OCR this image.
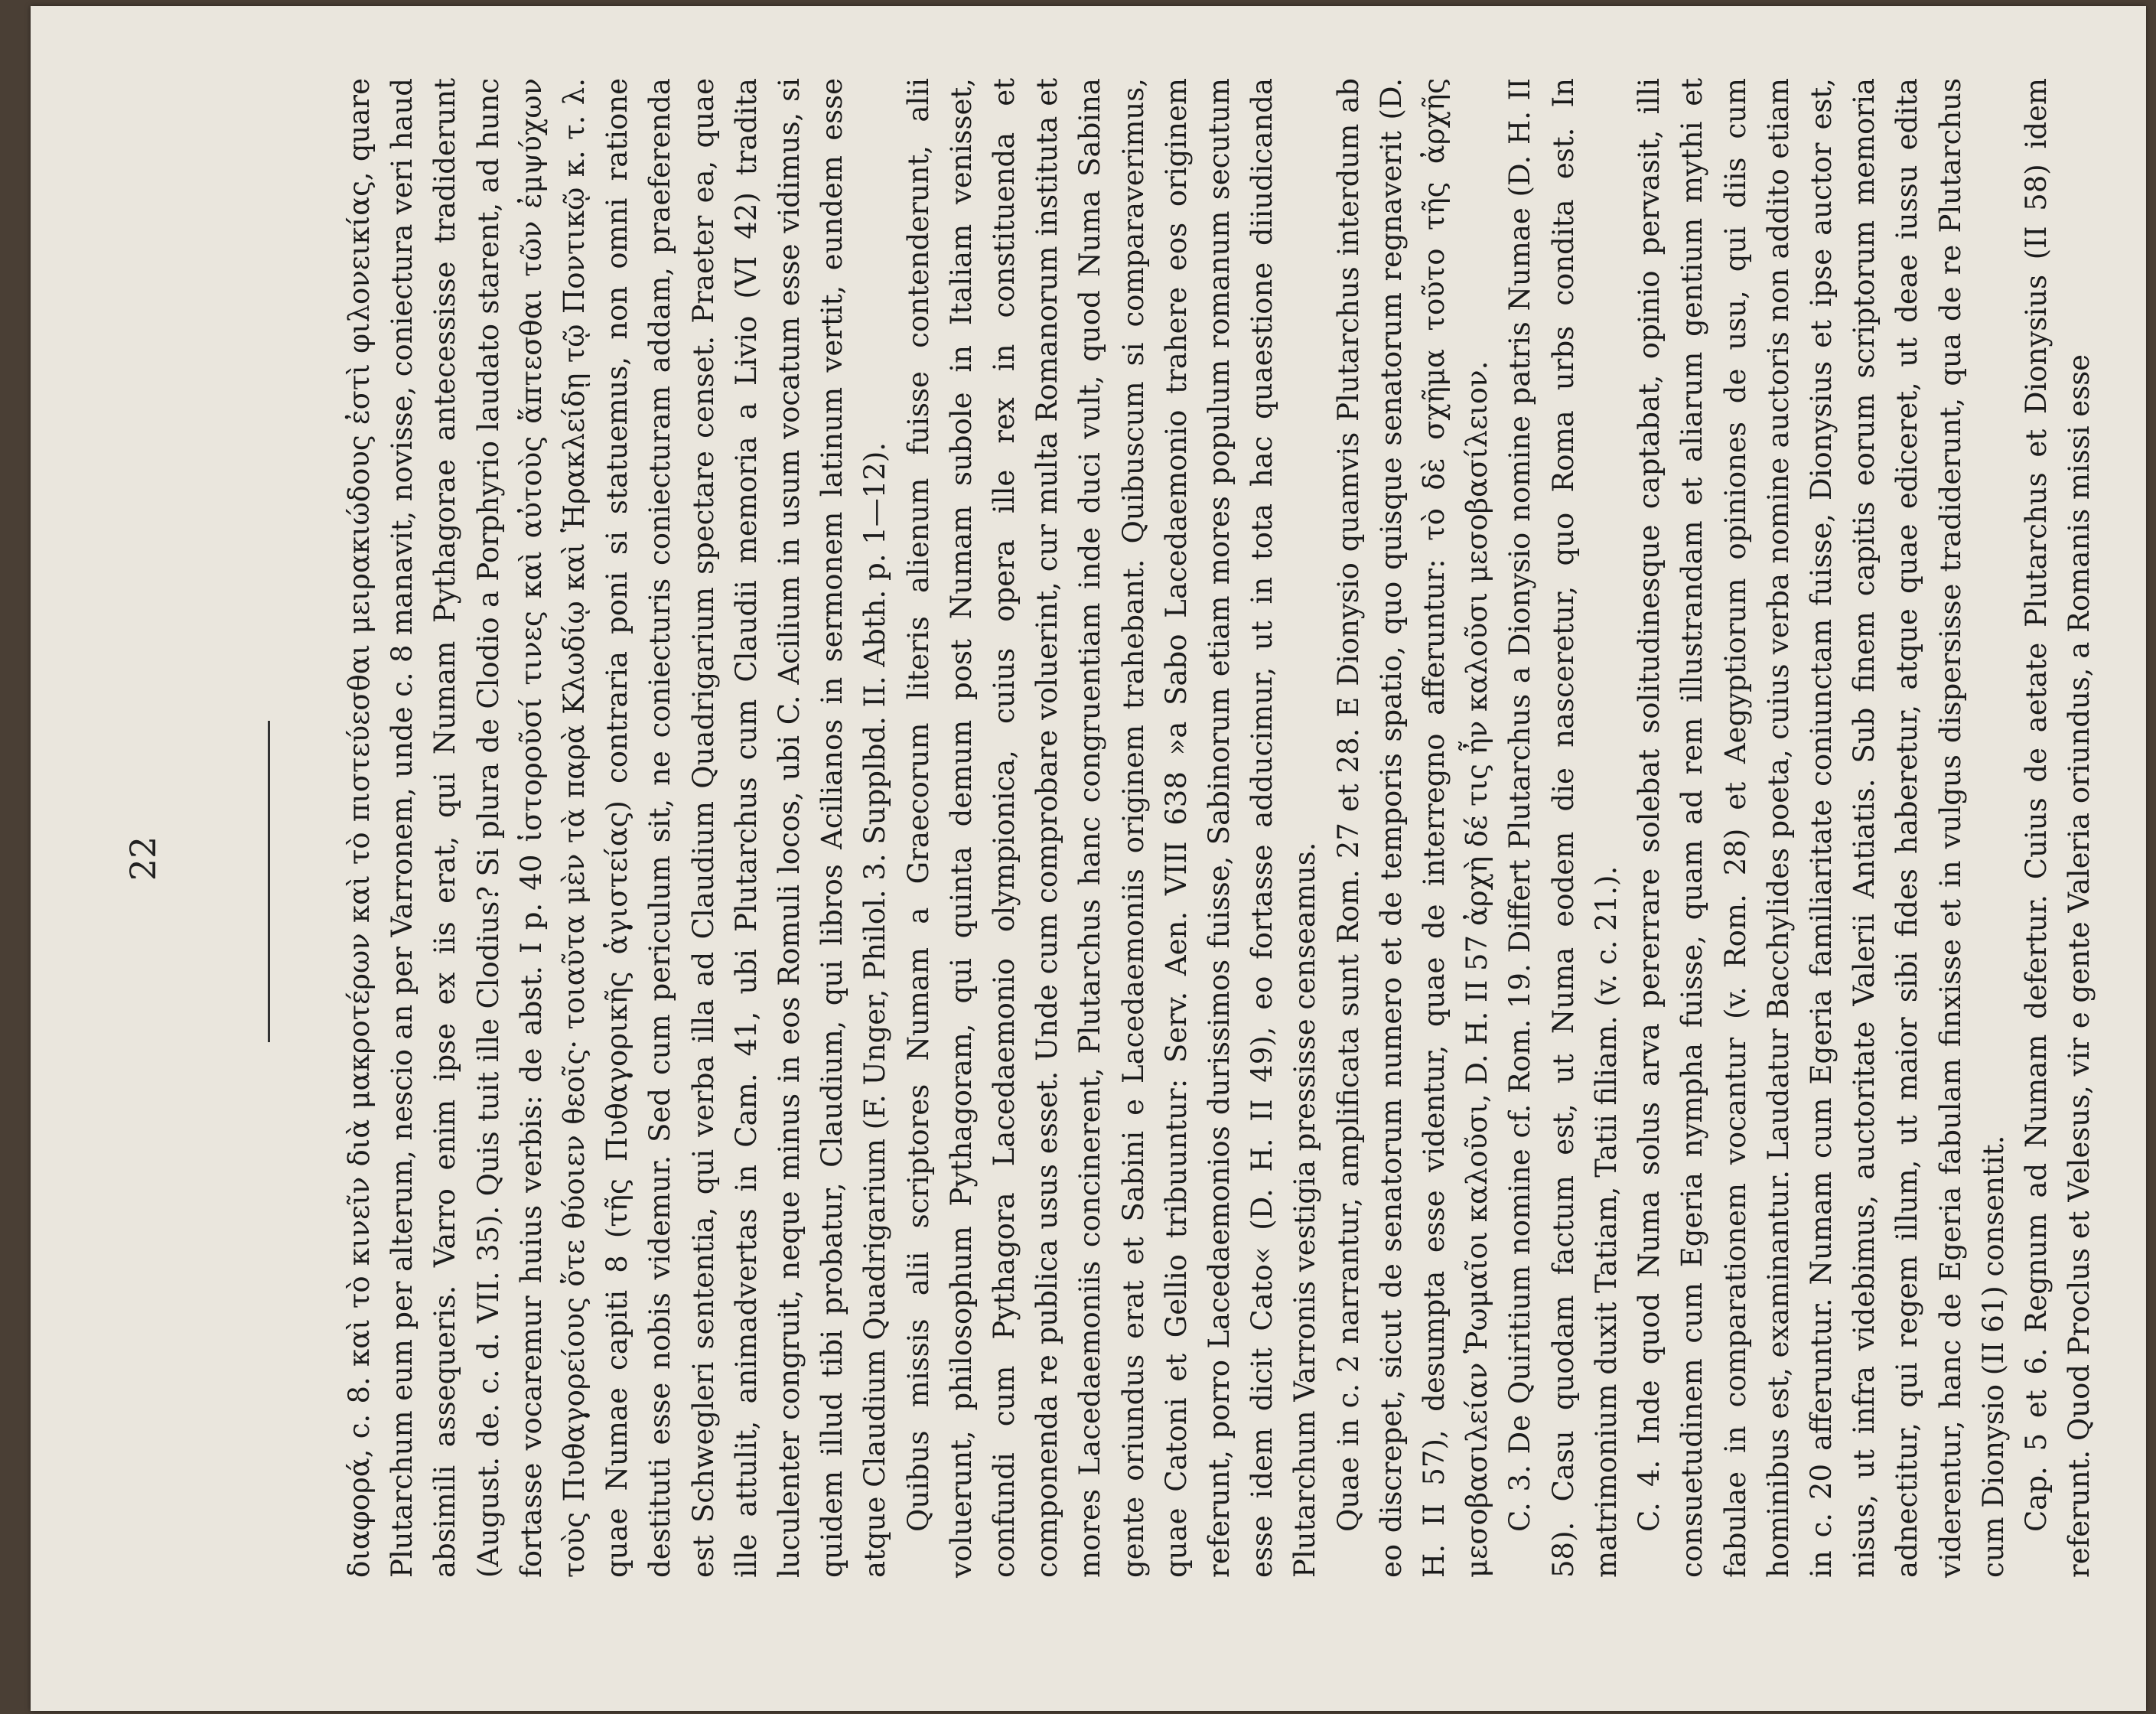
22	διαφορά, c. 8. καὶ τὸ κινεῖν διὰ μακροτέρων καὶ τὸ πιστεύεσθαι μειρακιώδους ἐστὶ φιλονεικίας, quare Plutarchum eum per alterum, nescio an per Varronem, unde c. 8 manavit, novisse, coniectura veri haud absimili assequeris. Varro enim ipse ex iis erat, qui Numam Pythagorae antecessisse tradiderunt (August. de. c. d. VII. 35). Quis tuit ille Clodius? Si plura de Clodio a Porphyrio laudato starent, ad hunc fortasse vocaremur huius verbis: de abst. I p. 40 ἱστοροῦσί τινες καὶ αὐτοὺς ἅπτεσθαι τῶν ἐμψύχων τοὺς Πυθαγορείους ὅτε θύοιεν θεοῖς· τοιαῦτα μὲν τὰ παρὰ Κλωδίῳ καὶ Ἡρακλείδῃ τῷ Ποντικῷ κ. τ. λ. quae Numae capiti 8 (τῆς Πυθαγορικῆς ἁγιστείας) contraria poni si statuemus, non omni ratione destituti esse nobis videmur. Sed cum periculum sit, ne coniecturis coniecturam addam, praeferenda est Schwegleri sententia, qui verba illa ad Claudium Quadrigarium spectare censet. Praeter ea, quae ille attulit, animadvertas in Cam. 41, ubi Plutarchus cum Claudii memoria a Livio (VI 42) tradita luculenter congruit, neque minus in eos Romuli locos, ubi C. Acilium in usum vocatum esse vidimus, si quidem illud tibi probatur, Claudium, qui libros Acilianos in sermonem latinum vertit, eundem esse atque Claudium Quadrigarium (F. Unger, Philol. 3. Supplbd. II. Abth. p. 1—12). Quibus missis alii scriptores Numam a Graecorum literis alienum fuisse contenderunt, alii voluerunt, philosophum Pythagoram, qui quinta demum post Numam subole in Italiam venisset, confundi cum Pythagora Lacedaemonio olympionica, cuius opera ille rex in constituenda et componenda re publica usus esset. Unde cum comprobare voluerint, cur multa Romanorum instituta et mores Lacedaemoniis concinerent, Plutarchus hanc congruentiam inde duci vult, quod Numa Sabina gente oriundus erat et Sabini e Lacedaemoniis originem trahebant. Quibuscum si comparaverimus, quae Catoni et Gellio tribuuntur: Serv. Aen. VIII 638 »a Sabo Lacedaemonio trahere eos originem referunt, porro Lacedaemonios durissimos fuisse, Sabinorum etiam mores populum romanum secutum esse idem dicit Cato« (D. H. II 49), eo fortasse adducimur, ut in tota hac quaestione diiudicanda Plutarchum Varronis vestigia pressisse censeamus. Quae in c. 2 narrantur, amplificata sunt Rom. 27 et 28. E Dionysio quamvis Plutarchus interdum ab eo discrepet, sicut de senatorum numero et de temporis spatio, quo quisque senatorum regnaverit (D. H. II 57), desumpta esse videntur, quae de interregno afferuntur: τὸ δὲ σχῆμα τοῦτο τῆς ἀρχῆς μεσοβασιλείαν Ῥωμαῖοι καλοῦσι, D. H. II 57 ἀρχὴ δέ τις ἦν καλοῦσι μεσοβασίλειον. C. 3. De Quiritium nomine cf. Rom. 19. Differt Plutarchus a Dionysio nomine patris Numae (D. H. II 58). Casu quodam factum est, ut Numa eodem die nasceretur, quo Roma urbs condita est. In matrimonium duxit Tatiam, Tatii filiam. (v. c. 21.). C. 4. Inde quod Numa solus arva pererrare solebat solitudinesque captabat, opinio pervasit, illi consuetudinem cum Egeria nympha fuisse, quam ad rem illustrandam et aliarum gentium mythi et fabulae in comparationem vocantur (v. Rom. 28) et Aegyptiorum opiniones de usu, qui diis cum hominibus est, examinantur. Laudatur Bacchylides poeta, cuius verba nomine auctoris non addito etiam in c. 20 afferuntur. Numam cum Egeria familiaritate coniunctam fuisse, Dionysius et ipse auctor est, nisus, ut infra videbimus, auctoritate Valerii Antiatis. Sub finem capitis eorum scriptorum memoria adnectitur, qui regem illum, ut maior sibi fides haberetur, atque quae ediceret, ut deae iussu edita viderentur, hanc de Egeria fabulam finxisse et in vulgus dispersisse tradiderunt, qua de re Plutarchus cum Dionysio (II 61) consentit. Cap. 5 et 6. Regnum ad Numam defertur. Cuius de aetate Plutarchus et Dionysius (II 58) idem referunt. Quod Proclus et Velesus, vir e gente Valeria oriundus, a Romanis missi esse
